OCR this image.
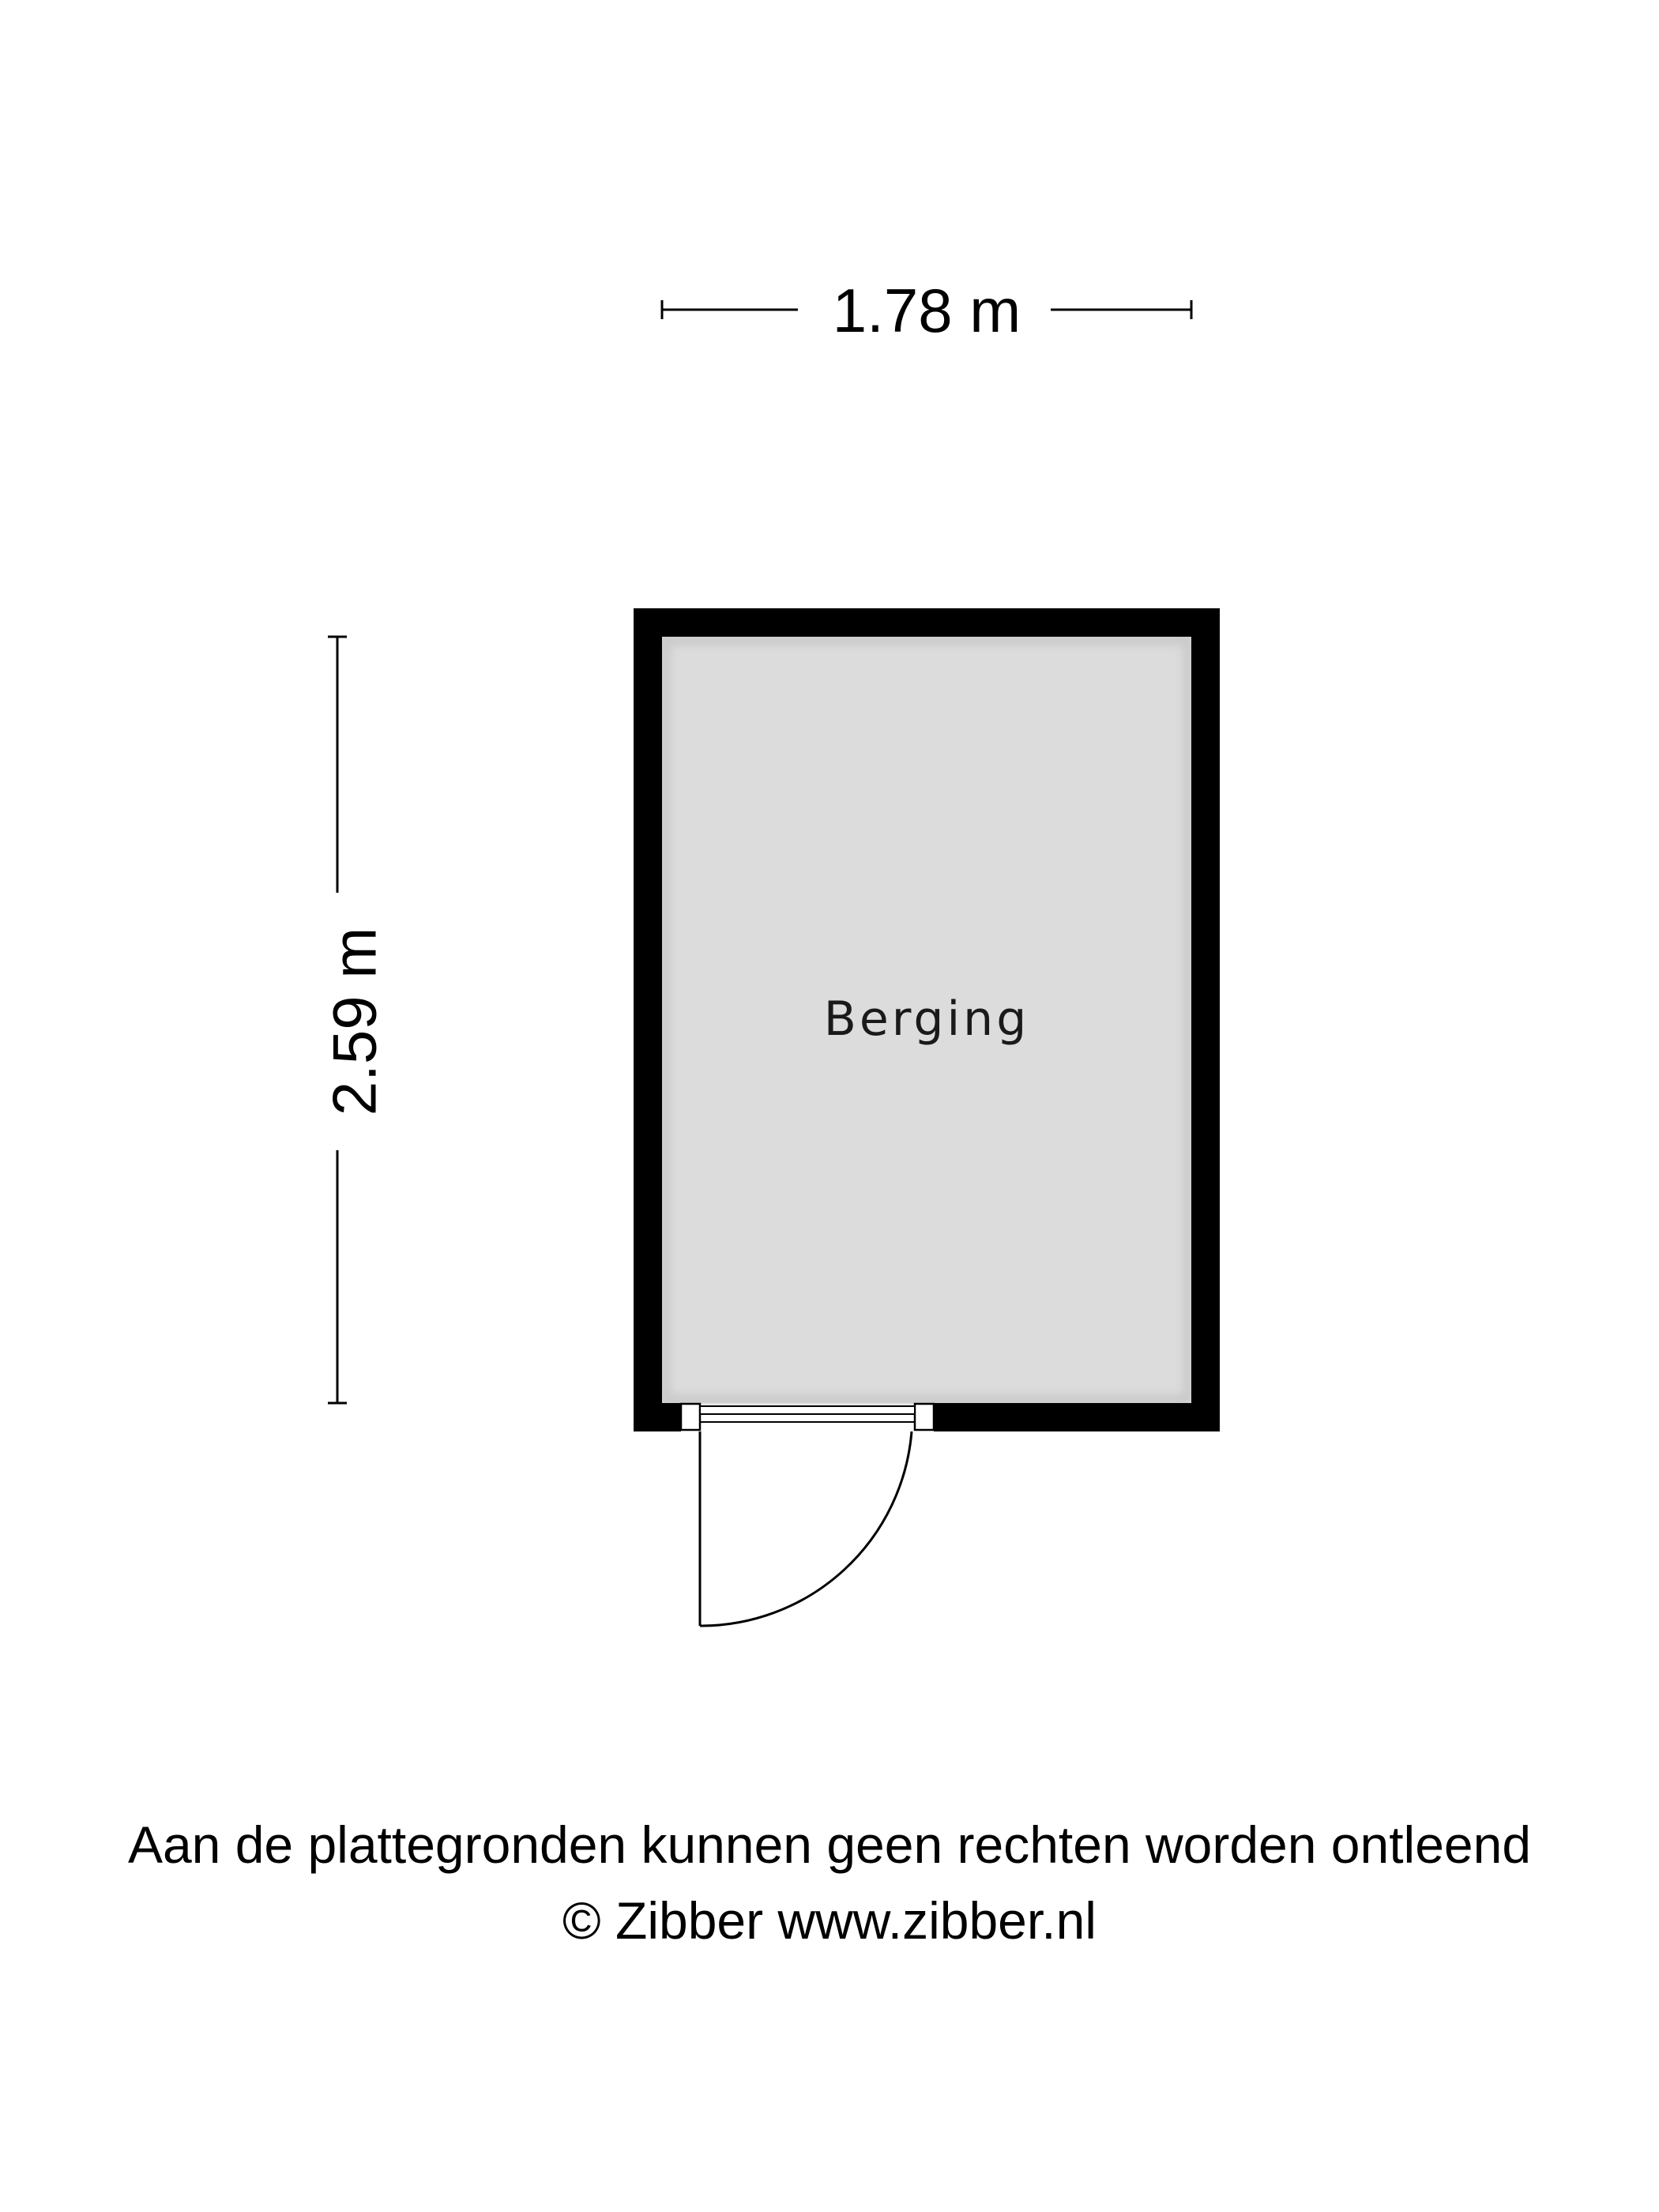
1.78 m
2.59 m	Berging
Aan de plattegronden kunnen geen rechten worden ontleend
© Zibber www.zibber.nl
